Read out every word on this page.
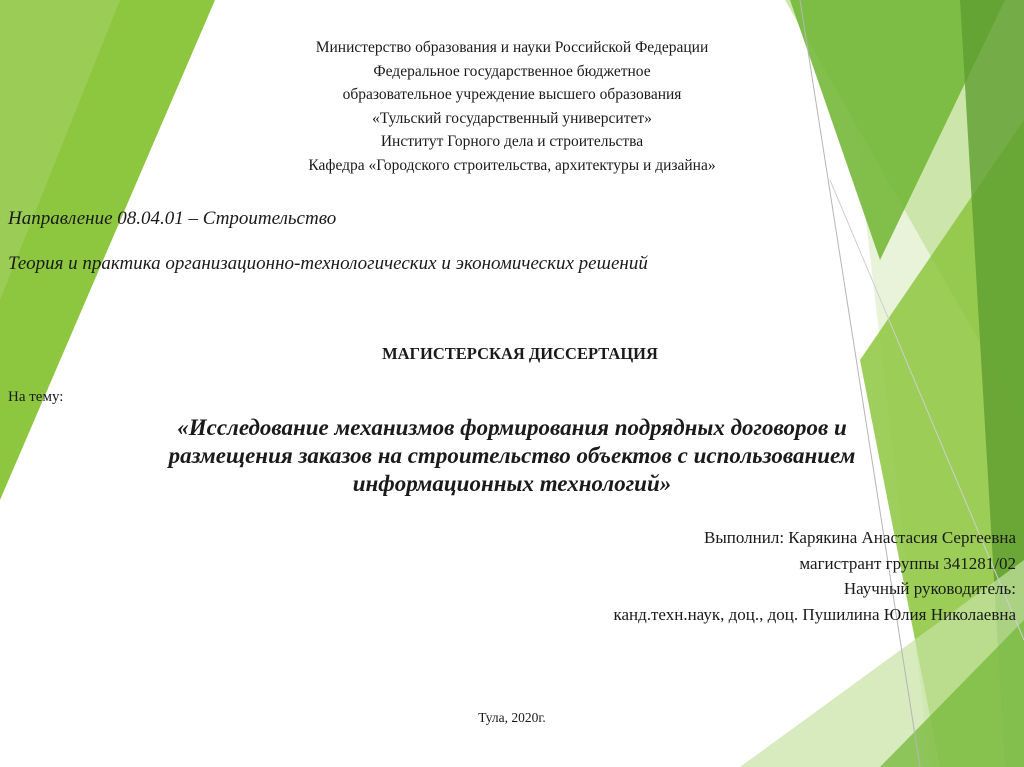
Министерство образования и науки Российской Федерации
Федеральное государственное бюджетное
образовательное учреждение высшего образования
«Тульский государственный университет»
Институт Горного дела и строительства
Кафедра «Городского строительства, архитектуры и дизайна»
Направление 08.04.01 – Строительство
Теория и практика организационно-технологических и экономических решений
МАГИСТЕРСКАЯ ДИССЕРТАЦИЯ
На тему:
«Исследование механизмов формирования подрядных договоров и
размещения заказов на строительство объектов с использованием
информационных технологий»
Выполнил: Карякина Анастасия Сергеевна
магистрант группы 341281/02
Научный руководитель:
канд.техн.наук, доц., доц. Пушилина Юлия Николаевна
Тула, 2020г.
